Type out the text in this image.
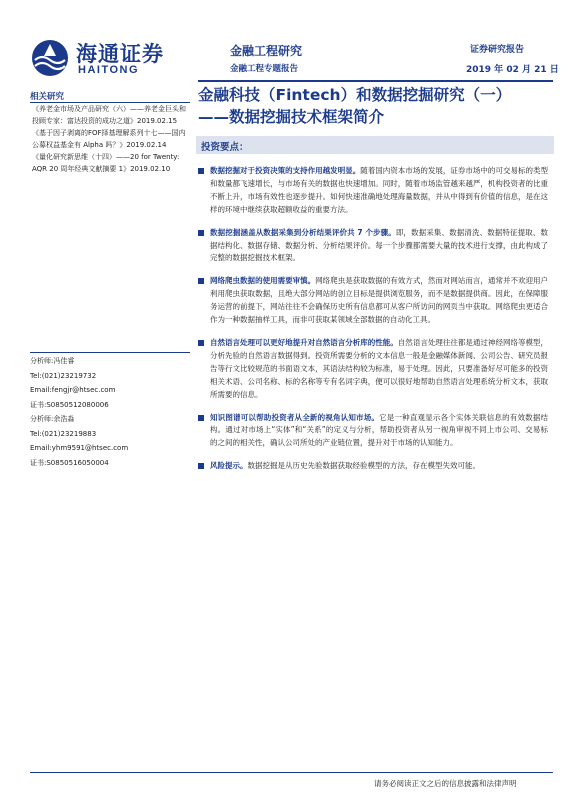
海通证券
HAITONG
金融工程研究
金融工程专题报告
证券研究报告
2019 年 02 月 21 日
相关研究

《养老金市场及产品研究（六）——养老金巨头和投顾专家：富达投资的成功之道》2019.02.15

《基于因子剥离的FOF择基理解系列十七——国内公募权益基金有 Alpha 吗？》2019.02.14

《量化研究新思维（十四）——20 for Twenty: AQR 20 周年经典文献摘要 1》2019.02.10

分析师:冯佳睿
Tel:(021)23219732
Email:fengjr@htsec.com
证书:S0850512080006
分析师:余浩淼
Tel:(021)23219883
Email:yhm9591@htsec.com
证书:S0850516050004
金融科技（Fintech）和数据挖掘研究（一）
——数据挖掘技术框架简介
投资要点：
数据挖掘对于投资决策的支持作用越发明显。随着国内资本市场的发展，证券市场中的可交易标的类型和数量都飞速增长，与市场有关的数据也快速增加。同时，随着市场监管越来越严，机构投资者的比重不断上升，市场有效性也逐步提升。如何快速准确地处理海量数据，并从中得到有价值的信息，是在这样的环境中继续获取超额收益的重要方法。
数据挖掘涵盖从数据采集到分析结果评价共 7 个步骤。即，数据采集、数据清洗、数据特征提取、数据结构化、数据存储、数据分析、分析结果评价。每一个步骤都需要大量的技术进行支撑，由此构成了完整的数据挖掘技术框架。
网络爬虫数据的使用需要审慎。网络爬虫是获取数据的有效方式，然而对网站而言，通常并不欢迎用户利用爬虫获取数据，且绝大部分网站的创立目标是提供浏览服务，而不是数据提供商。因此，在保障服务运营的前提下，网站往往不会确保历史所有信息都可从客户所访问的网页当中获取。网络爬虫更适合作为一种数据抽样工具，而非可获取某领域全部数据的自动化工具。
自然语言处理可以更好地提升对自然语言分析库的性能。自然语言处理往往都是通过神经网络等模型，分析先验的自然语言数据得到。投资所需要分析的文本信息一般是金融媒体新闻、公司公告、研究员报告等行文比较规范的书面语文本，其语法结构较为标准，易于处理。因此，只要准备好尽可能多的投资相关术语、公司名称、标的名称等专有名词字典，便可以很好地帮助自然语言处理系统分析文本，获取所需要的信息。
知识图谱可以帮助投资者从全新的视角认知市场。它是一种直观显示各个实体关联信息的有效数据结构。通过对市场上“实体”和“关系”的定义与分析，帮助投资者从另一视角审视不同上市公司、交易标的之间的相关性，确认公司所处的产业链位置，提升对于市场的认知能力。
风险提示。数据挖掘是从历史先验数据获取经验模型的方法，存在模型失效可能。
请务必阅读正文之后的信息披露和法律声明
